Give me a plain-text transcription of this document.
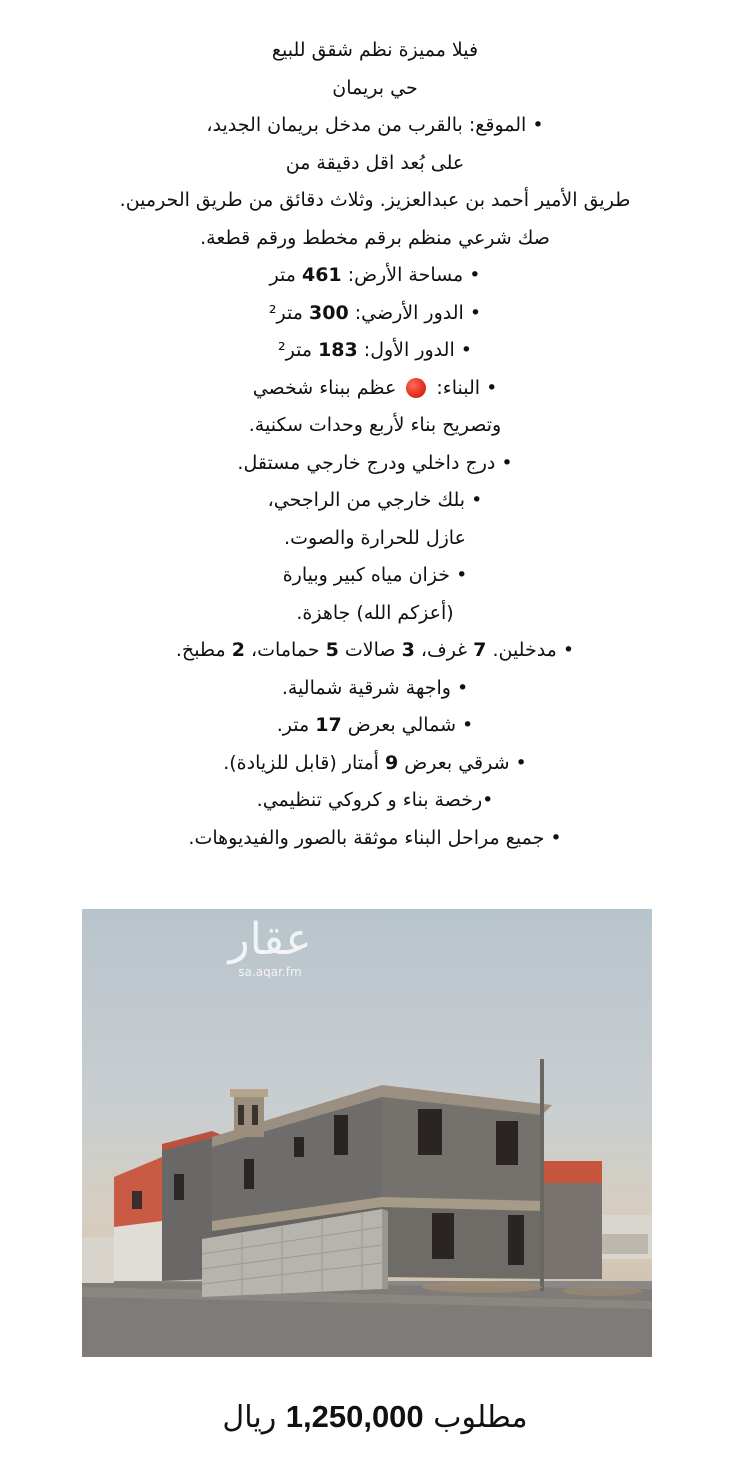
فيلا مميزة نظم شقق للبيع
حي بريمان
• الموقع: بالقرب من مدخل بريمان الجديد،
على بُعد اقل دقيقة من
طريق الأمير أحمد بن عبدالعزيز. وثلاث دقائق من طريق الحرمين.
صك شرعي منظم برقم مخطط ورقم قطعة.
• مساحة الأرض: 461 متر
• الدور الأرضي: 300 متر²
• الدور الأول: 183 متر²
• البناء:  عظم ببناء شخصي
وتصريح بناء لأربع وحدات سكنية.
• درج داخلي ودرج خارجي مستقل.
• بلك خارجي من الراجحي،
عازل للحرارة والصوت.
• خزان مياه كبير وبيارة
(أعزكم الله) جاهزة.
• مدخلين. 7 غرف، 3 صالات 5 حمامات، 2 مطبخ.
• واجهة شرقية شمالية.
• شمالي بعرض 17 متر.
• شرقي بعرض 9 أمتار (قابل للزيادة).
•رخصة بناء و كروكي تنظيمي.
• جميع مراحل البناء موثقة بالصور والفيديوهات.
عقار
sa.aqar.fm
مطلوب 1,250,000 ريال
